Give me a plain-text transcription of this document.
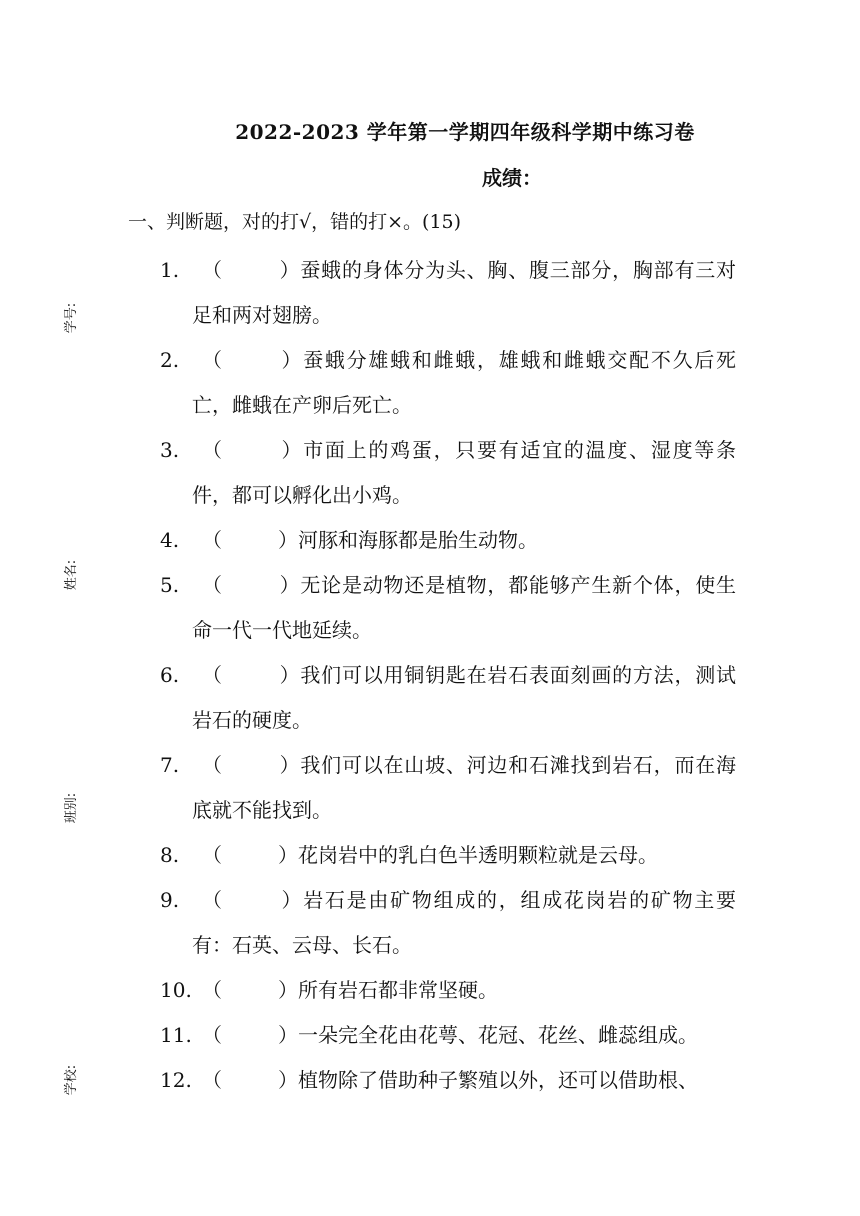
学号:
姓名:
班别:
学校:
2022-2023 学年第一学期四年级科学期中练习卷
成绩：
一、判断题，对的打√，错的打×。(15)
1. （	）蚕蛾的身体分为头、胸、腹三部分，胸部有三对足和两对翅膀。
2. （	）蚕蛾分雄蛾和雌蛾，雄蛾和雌蛾交配不久后死亡，雌蛾在产卵后死亡。
3. （	）市面上的鸡蛋，只要有适宜的温度、湿度等条件，都可以孵化出小鸡。
4. （	）河豚和海豚都是胎生动物。
5. （	）无论是动物还是植物，都能够产生新个体，使生命一代一代地延续。
6. （	）我们可以用铜钥匙在岩石表面刻画的方法，测试岩石的硬度。
7. （	）我们可以在山坡、河边和石滩找到岩石，而在海底就不能找到。
8. （	）花岗岩中的乳白色半透明颗粒就是云母。
9. （	）岩石是由矿物组成的，组成花岗岩的矿物主要有：石英、云母、长石。
10. （	）所有岩石都非常坚硬。
11. （	）一朵完全花由花萼、花冠、花丝、雌蕊组成。
12. （	）植物除了借助种子繁殖以外，还可以借助根、
